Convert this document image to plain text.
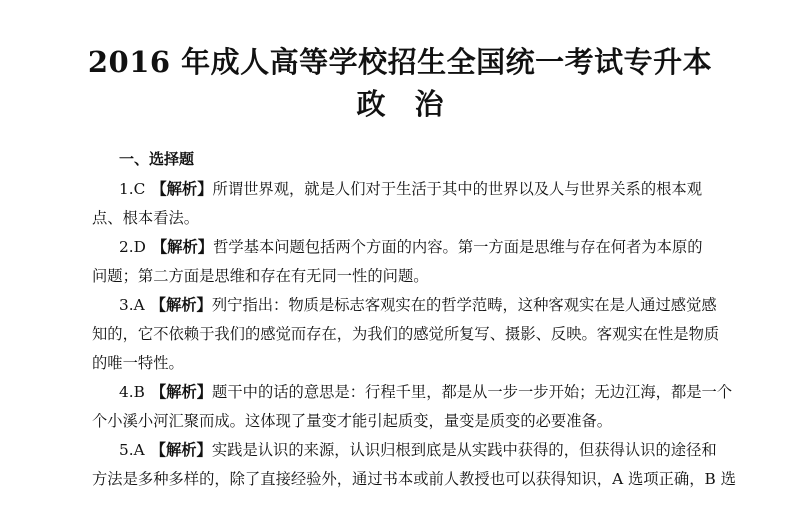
2016 年成人高等学校招生全国统一考试专升本
政　治
一、选择题
1.C 【解析】所谓世界观，就是人们对于生活于其中的世界以及人与世界关系的根本观
点、根本看法。
2.D 【解析】哲学基本问题包括两个方面的内容。第一方面是思维与存在何者为本原的
问题；第二方面是思维和存在有无同一性的问题。
3.A 【解析】列宁指出：物质是标志客观实在的哲学范畴，这种客观实在是人通过感觉感
知的，它不依赖于我们的感觉而存在，为我们的感觉所复写、摄影、反映。客观实在性是物质
的唯一特性。
4.B 【解析】题干中的话的意思是：行程千里，都是从一步一步开始；无边江海，都是一个
个小溪小河汇聚而成。这体现了量变才能引起质变，量变是质变的必要准备。
5.A 【解析】实践是认识的来源，认识归根到底是从实践中获得的，但获得认识的途径和
方法是多种多样的，除了直接经验外，通过书本或前人教授也可以获得知识，A 选项正确，B 选
